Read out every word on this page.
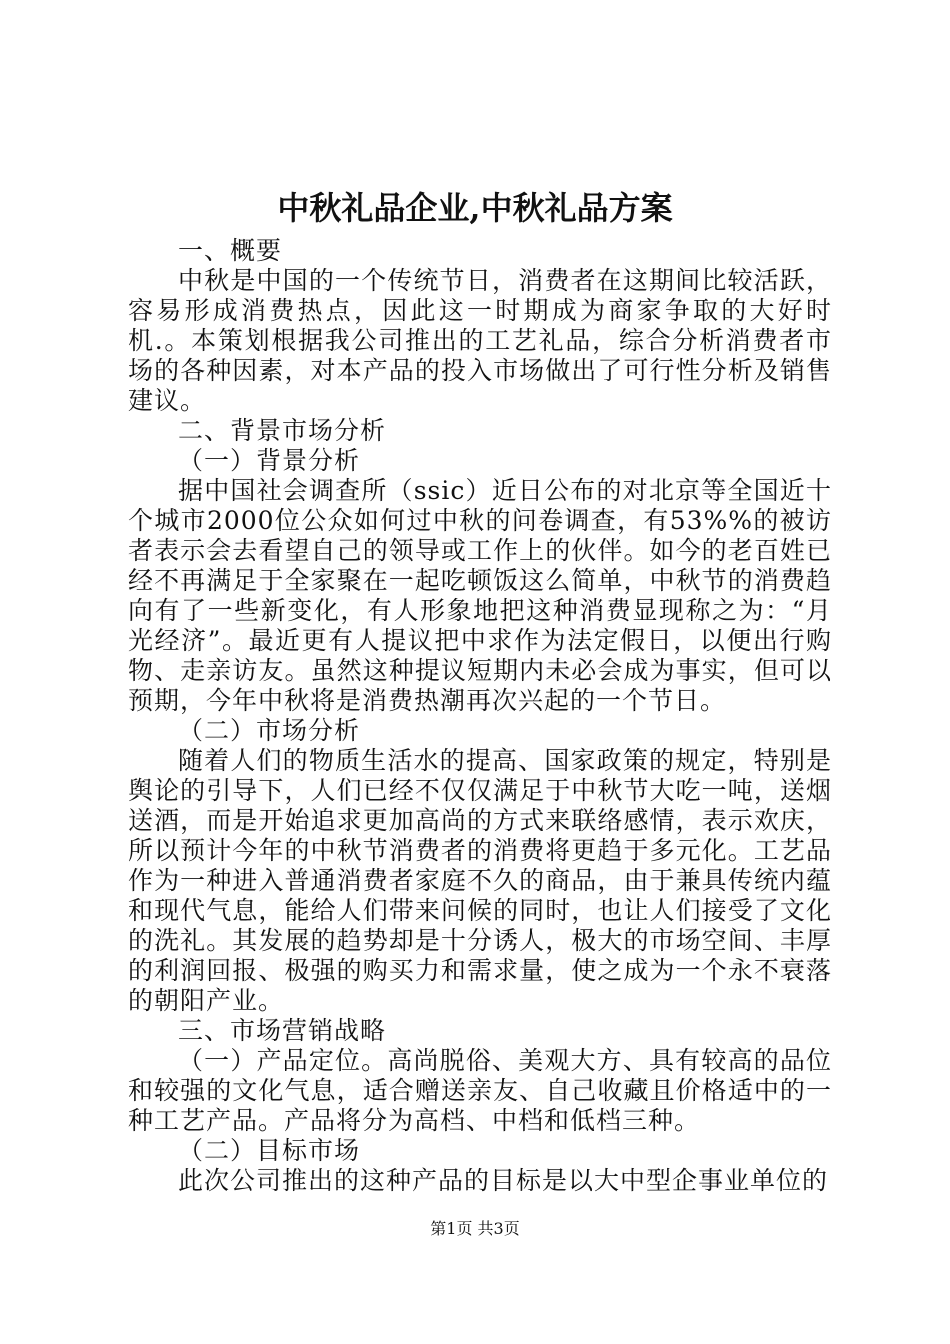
中秋礼品企业,中秋礼品方案

一、概要

中秋是中国的一个传统节日，消费者在这期间比较活跃，容易形成消费热点，因此这一时期成为商家争取的大好时机.。本策划根据我公司推出的工艺礼品，综合分析消费者市场的各种因素，对本产品的投入市场做出了可行性分析及销售建议。

二、背景市场分析

（一）背景分析

据中国社会调查所（ssic）近日公布的对北京等全国近十个城市2000位公众如何过中秋的问卷调查，有53%%的被访者表示会去看望自己的领导或工作上的伙伴。如今的老百姓已经不再满足于全家聚在一起吃顿饭这么简单，中秋节的消费趋向有了一些新变化，有人形象地把这种消费显现称之为：“月光经济”。最近更有人提议把中求作为法定假日，以便出行购物、走亲访友。虽然这种提议短期内未必会成为事实，但可以预期，今年中秋将是消费热潮再次兴起的一个节日。

（二）市场分析

随着人们的物质生活水的提高、国家政策的规定，特别是舆论的引导下，人们已经不仅仅满足于中秋节大吃一吨，送烟送酒，而是开始追求更加高尚的方式来联络感情，表示欢庆，所以预计今年的中秋节消费者的消费将更趋于多元化。工艺品作为一种进入普通消费者家庭不久的商品，由于兼具传统内蕴和现代气息，能给人们带来问候的同时，也让人们接受了文化的洗礼。其发展的趋势却是十分诱人，极大的市场空间、丰厚的利润回报、极强的购买力和需求量，使之成为一个永不衰落的朝阳产业。

三、市场营销战略

（一）产品定位。高尚脱俗、美观大方、具有较高的品位和较强的文化气息，适合赠送亲友、自己收藏且价格适中的一种工艺产品。产品将分为高档、中档和低档三种。

（二）目标市场

此次公司推出的这种产品的目标是以大中型企事业单位的

第1页 共3页
